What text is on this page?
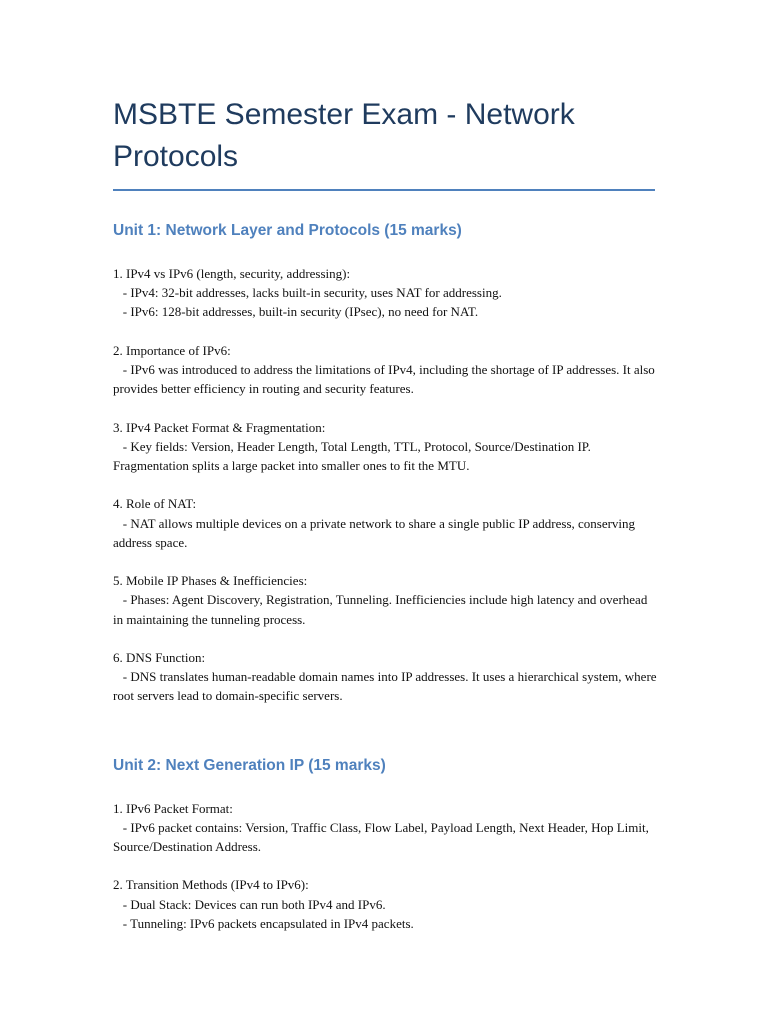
MSBTE Semester Exam - Network Protocols
Unit 1: Network Layer and Protocols (15 marks)
1. IPv4 vs IPv6 (length, security, addressing):
- IPv4: 32-bit addresses, lacks built-in security, uses NAT for addressing.
- IPv6: 128-bit addresses, built-in security (IPsec), no need for NAT.
2. Importance of IPv6:
- IPv6 was introduced to address the limitations of IPv4, including the shortage of IP addresses. It also provides better efficiency in routing and security features.
3. IPv4 Packet Format & Fragmentation:
- Key fields: Version, Header Length, Total Length, TTL, Protocol, Source/Destination IP. Fragmentation splits a large packet into smaller ones to fit the MTU.
4. Role of NAT:
- NAT allows multiple devices on a private network to share a single public IP address, conserving address space.
5. Mobile IP Phases & Inefficiencies:
- Phases: Agent Discovery, Registration, Tunneling. Inefficiencies include high latency and overhead in maintaining the tunneling process.
6. DNS Function:
- DNS translates human-readable domain names into IP addresses. It uses a hierarchical system, where root servers lead to domain-specific servers.
Unit 2: Next Generation IP (15 marks)
1. IPv6 Packet Format:
- IPv6 packet contains: Version, Traffic Class, Flow Label, Payload Length, Next Header, Hop Limit, Source/Destination Address.
2. Transition Methods (IPv4 to IPv6):
- Dual Stack: Devices can run both IPv4 and IPv6.
- Tunneling: IPv6 packets encapsulated in IPv4 packets.
